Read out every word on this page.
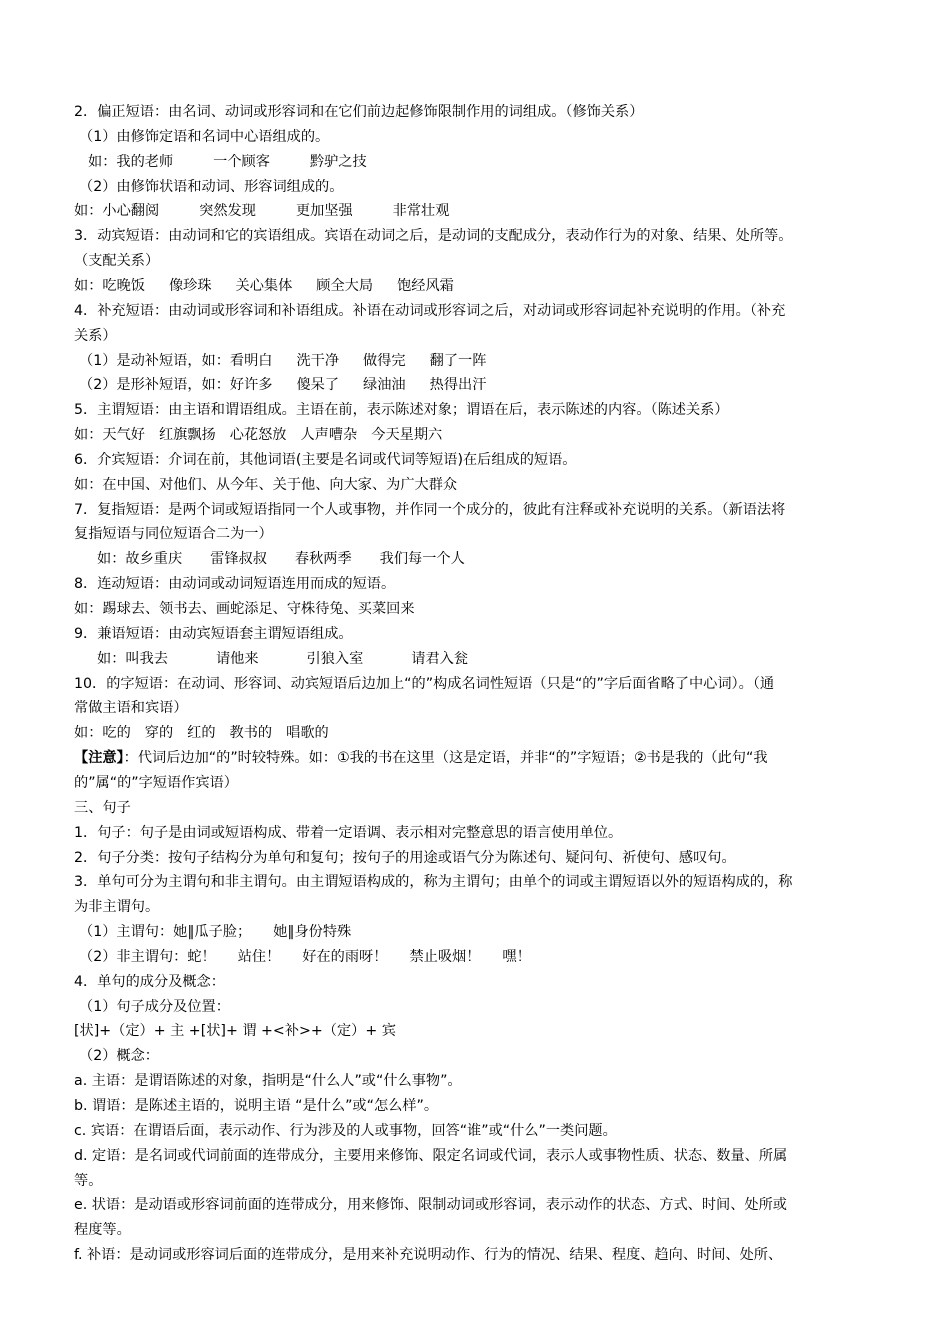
2．偏正短语：由名词、动词或形容词和在它们前边起修饰限制作用的词组成。（修饰关系）
（1）由修饰定语和名词中心语组成的。
如：我的老师	一个顾客	黔驴之技
（2）由修饰状语和动词、形容词组成的。
如：小心翻阅	突然发现	更加坚强	非常壮观
3．动宾短语：由动词和它的宾语组成。宾语在动词之后，是动词的支配成分，表动作行为的对象、结果、处所等。
（支配关系）
如：吃晚饭 像珍珠 关心集体 顾全大局 饱经风霜
4．补充短语：由动词或形容词和补语组成。补语在动词或形容词之后，对动词或形容词起补充说明的作用。（补充
关系）
（1）是动补短语，如：看明白 洗干净 做得完 翻了一阵
（2）是形补短语，如：好许多 傻呆了 绿油油 热得出汗
5．主谓短语：由主语和谓语组成。主语在前，表示陈述对象；谓语在后，表示陈述的内容。（陈述关系）
如：天气好 红旗飘扬 心花怒放 人声嘈杂 今天星期六
6．介宾短语：介词在前，其他词语(主要是名词或代词等短语)在后组成的短语。
如：在中国、对他们、从今年、关于他、向大家、为广大群众
7．复指短语：是两个词或短语指同一个人或事物，并作同一个成分的，彼此有注释或补充说明的关系。（新语法将
复指短语与同位短语合二为一）
如：故乡重庆 雷锋叔叔 春秋两季 我们每一个人
8．连动短语：由动词或动词短语连用而成的短语。
如：踢球去、领书去、画蛇添足、守株待兔、买菜回来
9．兼语短语：由动宾短语套主谓短语组成。
如：叫我去	请他来	引狼入室	请君入瓮
10．的字短语：在动词、形容词、动宾短语后边加上“的”构成名词性短语（只是“的”字后面省略了中心词）。（通
常做主语和宾语）
如：吃的 穿的 红的 教书的 唱歌的
【注意】：代词后边加“的”时较特殊。如：①我的书在这里（这是定语，并非“的”字短语；②书是我的（此句“我
的”属“的”字短语作宾语）
三、句子
1．句子：句子是由词或短语构成、带着一定语调、表示相对完整意思的语言使用单位。
2．句子分类：按句子结构分为单句和复句；按句子的用途或语气分为陈述句、疑问句、祈使句、感叹句。
3．单句可分为主谓句和非主谓句。由主谓短语构成的，称为主谓句；由单个的词或主谓短语以外的短语构成的，称
为非主谓句。
（1）主谓句：她‖瓜子脸； 她‖身份特殊
（2）非主谓句：蛇！ 站住！ 好在的雨呀！ 禁止吸烟！ 嘿！
4．单句的成分及概念：
（1）句子成分及位置：
[状]+（定）+ 主 +[状]+ 谓 +<补>+（定）+ 宾
（2）概念：
a. 主语：是谓语陈述的对象，指明是“什么人”或“什么事物”。
b. 谓语：是陈述主语的，说明主语 “是什么”或“怎么样”。
c. 宾语：在谓语后面，表示动作、行为涉及的人或事物，回答“谁”或“什么”一类问题。
d. 定语：是名词或代词前面的连带成分，主要用来修饰、限定名词或代词，表示人或事物性质、状态、数量、所属
等。
e. 状语：是动语或形容词前面的连带成分，用来修饰、限制动词或形容词，表示动作的状态、方式、时间、处所或
程度等。
f. 补语：是动词或形容词后面的连带成分，是用来补充说明动作、行为的情况、结果、程度、趋向、时间、处所、
